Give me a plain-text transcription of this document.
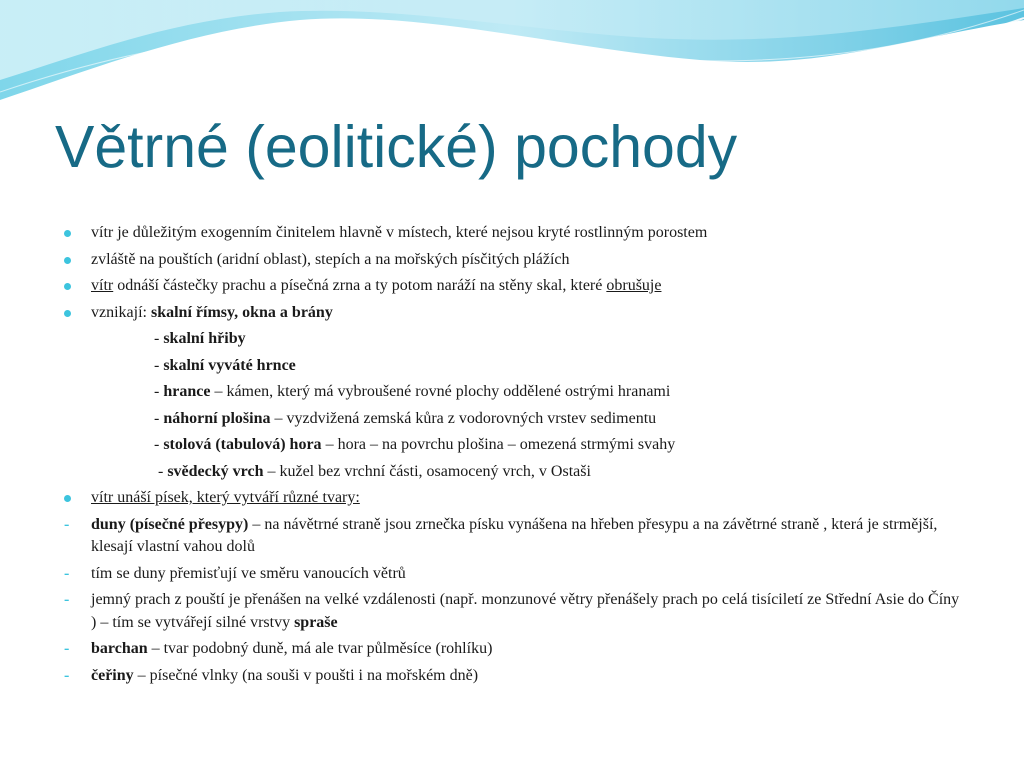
Větrné (eolitické) pochody
vítr je důležitým exogenním činitelem hlavně v místech, které nejsou kryté rostlinným porostem
zvláště na pouštích (aridní oblast), stepích a na mořských písčitých plážích
vítr odnáší částečky prachu a písečná zrna a ty potom naráží na stěny skal, které obrušuje
vznikají: skalní římsy, okna a brány
- skalní hřiby
- skalní vyváté hrnce
- hrance – kámen, který má vybroušené rovné plochy oddělené ostrými hranami
- náhorní plošina – vyzdvižená zemská kůra z vodorovných vrstev sedimentu
- stolová (tabulová) hora – hora – na povrchu plošina – omezená strmými svahy
- svědecký vrch – kužel bez vrchní části, osamocený vrch, v Ostaši
vítr unáší písek, který vytváří různé tvary:
- duny (písečné přesypy) – na návětrné straně jsou zrnečka písku vynášena na hřeben přesypu a na závětrné straně , která je strmější, klesají vlastní vahou dolů
- tím se duny přemisťují ve směru vanoucích větrů
- jemný prach z pouští je přenášen na velké vzdálenosti (např. monzunové větry přenášely prach po celá tisíciletí ze Střední Asie do Číny ) – tím se vytvářejí silné vrstvy spraše
- barchan – tvar podobný duně, má ale tvar půlměsíce (rohlíku)
- čeřiny – písečné vlnky (na souši v poušti i na mořském dně)
